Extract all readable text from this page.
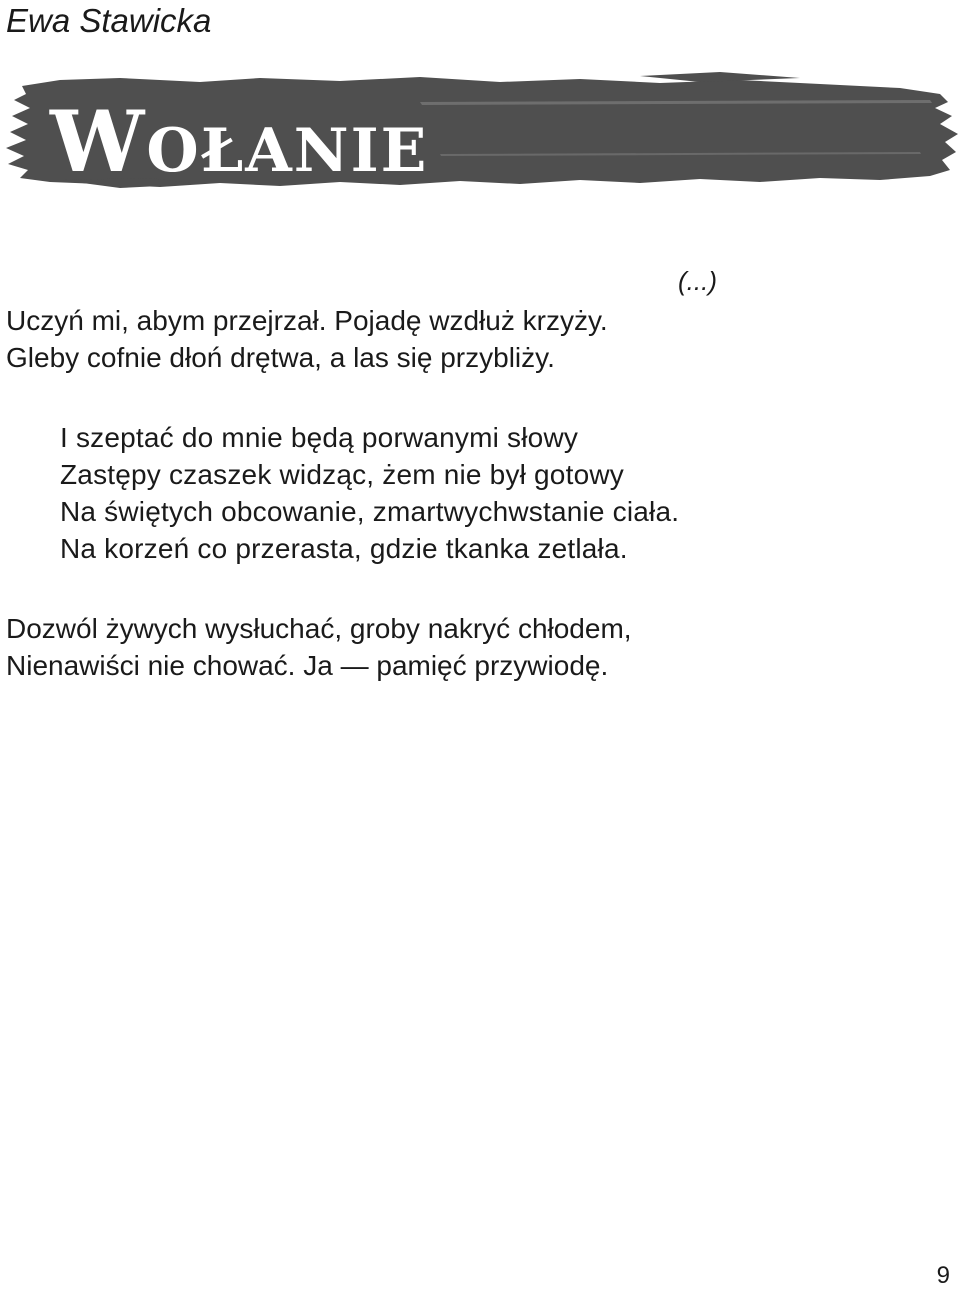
Ewa Stawicka
WOŁANIE
(...)
Uczyń mi, abym przejrzał. Pojadę wzdłuż krzyży.
Gleby cofnie dłoń drętwa, a las się przybliży.
I szeptać do mnie będą porwanymi słowy
Zastępy czaszek widząc, żem nie był gotowy
Na świętych obcowanie, zmartwychwstanie ciała.
Na korzeń co przerasta, gdzie tkanka zetlała.
Dozwól żywych wysłuchać, groby nakryć chłodem,
Nienawiści nie chować. Ja — pamięć przywiodę.
9
